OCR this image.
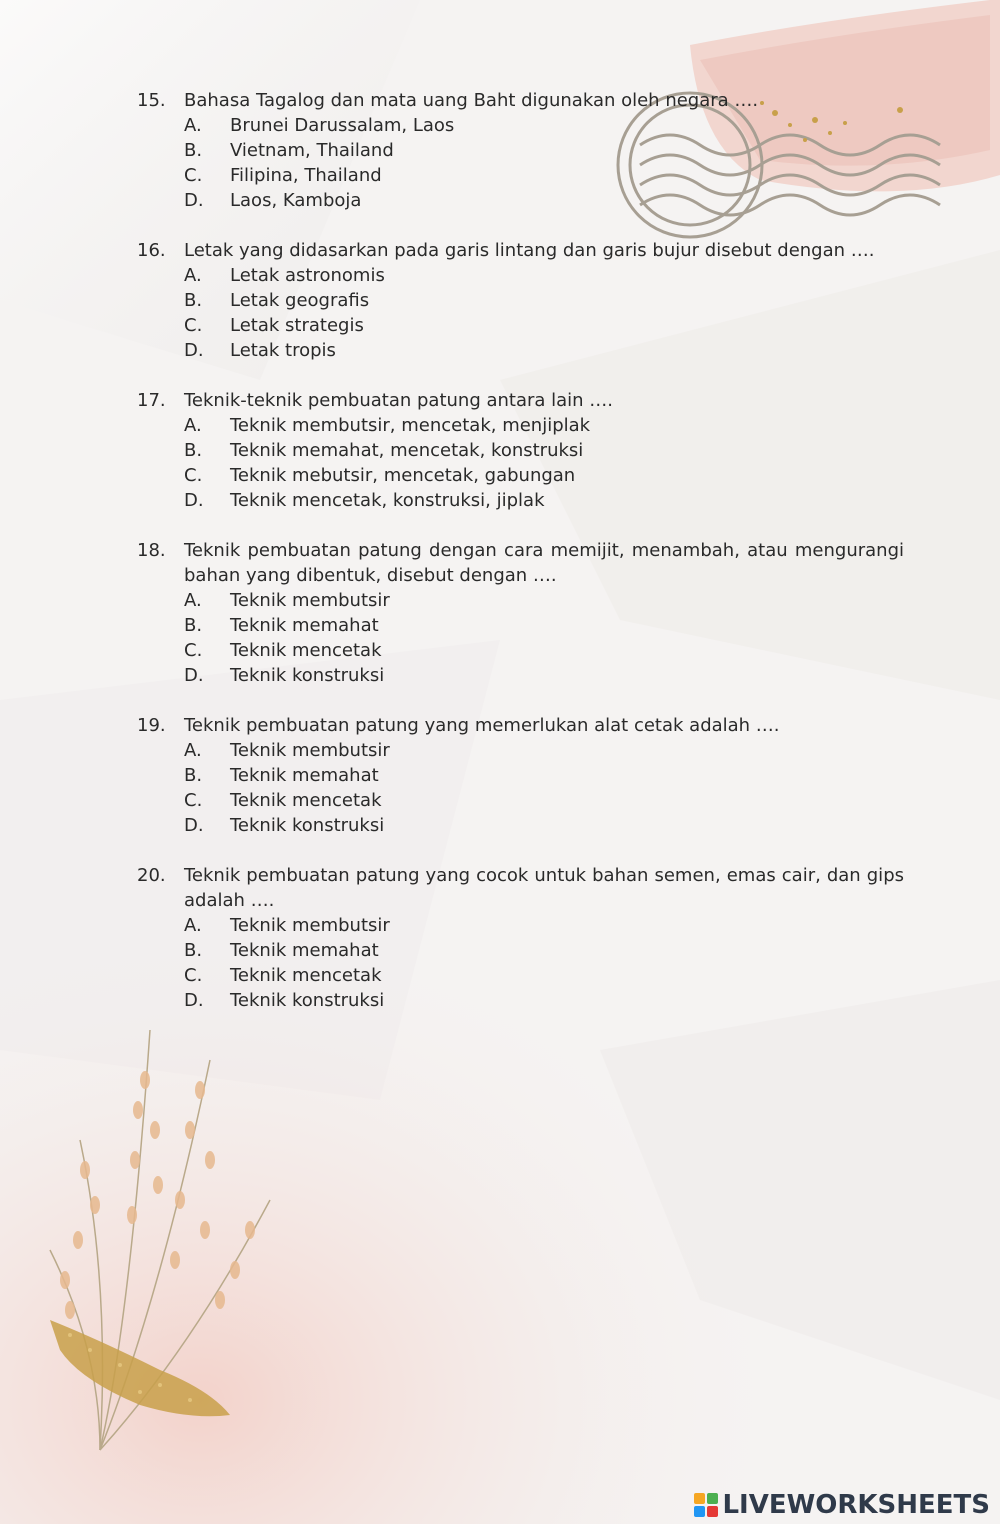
15.	Bahasa Tagalog dan mata uang Baht digunakan oleh negara ….
A. Brunei Darussalam, Laos
B. Vietnam, Thailand
C. Filipina, Thailand
D. Laos, Kamboja
16.	Letak yang didasarkan pada garis lintang dan garis bujur disebut dengan ….
A. Letak astronomis
B. Letak geografis
C. Letak strategis
D. Letak tropis
17.	Teknik-teknik pembuatan patung antara lain ….
A. Teknik membutsir, mencetak, menjiplak
B. Teknik memahat, mencetak, konstruksi
C. Teknik mebutsir, mencetak, gabungan
D. Teknik mencetak, konstruksi, jiplak
18.	Teknik pembuatan patung dengan cara memijit, menambah, atau mengurangi bahan yang dibentuk, disebut dengan ….
A. Teknik membutsir
B. Teknik memahat
C. Teknik mencetak
D. Teknik konstruksi
19.	Teknik pembuatan patung yang memerlukan alat cetak adalah ….
A. Teknik membutsir
B. Teknik memahat
C. Teknik mencetak
D. Teknik konstruksi
20.	Teknik pembuatan patung yang cocok untuk bahan semen, emas cair, dan gips adalah ….
A. Teknik membutsir
B. Teknik memahat
C. Teknik mencetak
D. Teknik konstruksi
LIVEWORKSHEETS
